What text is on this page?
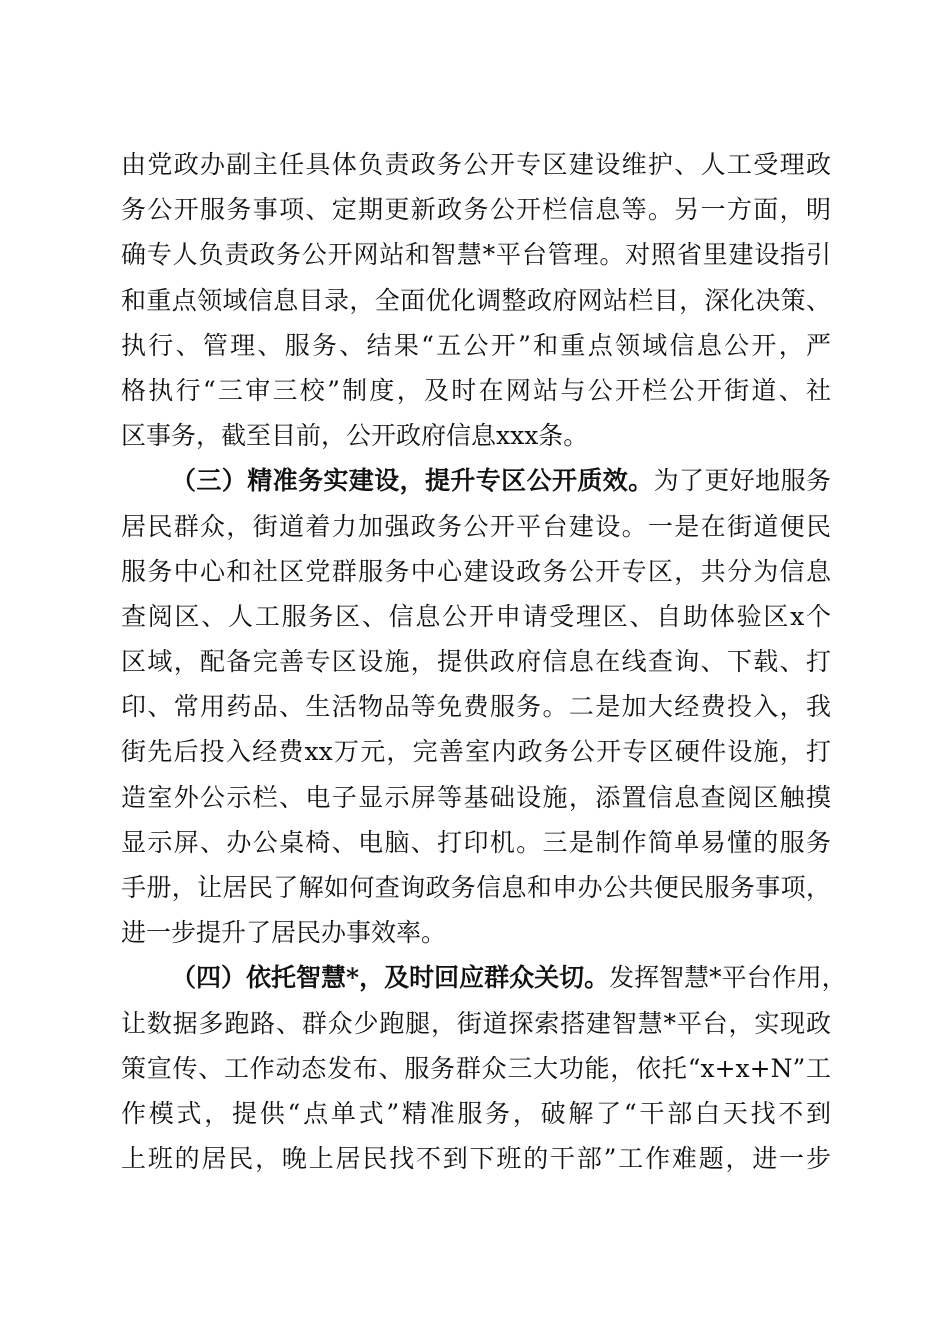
由党政办副主任具体负责政务公开专区建设维护、人工受理政
务公开服务事项、定期更新政务公开栏信息等。另一方面，明
确专人负责政务公开网站和智慧*平台管理。对照省里建设指引
和重点领域信息目录，全面优化调整政府网站栏目，深化决策、
执行、管理、服务、结果“五公开”和重点领域信息公开，严
格执行“三审三校”制度，及时在网站与公开栏公开街道、社
区事务，截至目前，公开政府信息xxx条。
（三）精准务实建设，提升专区公开质效。为了更好地服务
居民群众，街道着力加强政务公开平台建设。一是在街道便民
服务中心和社区党群服务中心建设政务公开专区，共分为信息
查阅区、人工服务区、信息公开申请受理区、自助体验区x个
区域，配备完善专区设施，提供政府信息在线查询、下载、打
印、常用药品、生活物品等免费服务。二是加大经费投入，我
街先后投入经费xx万元，完善室内政务公开专区硬件设施，打
造室外公示栏、电子显示屏等基础设施，添置信息查阅区触摸
显示屏、办公桌椅、电脑、打印机。三是制作简单易懂的服务
手册，让居民了解如何查询政务信息和申办公共便民服务事项，
进一步提升了居民办事效率。
（四）依托智慧*，及时回应群众关切。发挥智慧*平台作用，
让数据多跑路、群众少跑腿，街道探索搭建智慧*平台，实现政
策宣传、工作动态发布、服务群众三大功能，依托“x+x+N”工
作模式，提供“点单式”精准服务，破解了“干部白天找不到
上班的居民，晚上居民找不到下班的干部”工作难题，进一步
